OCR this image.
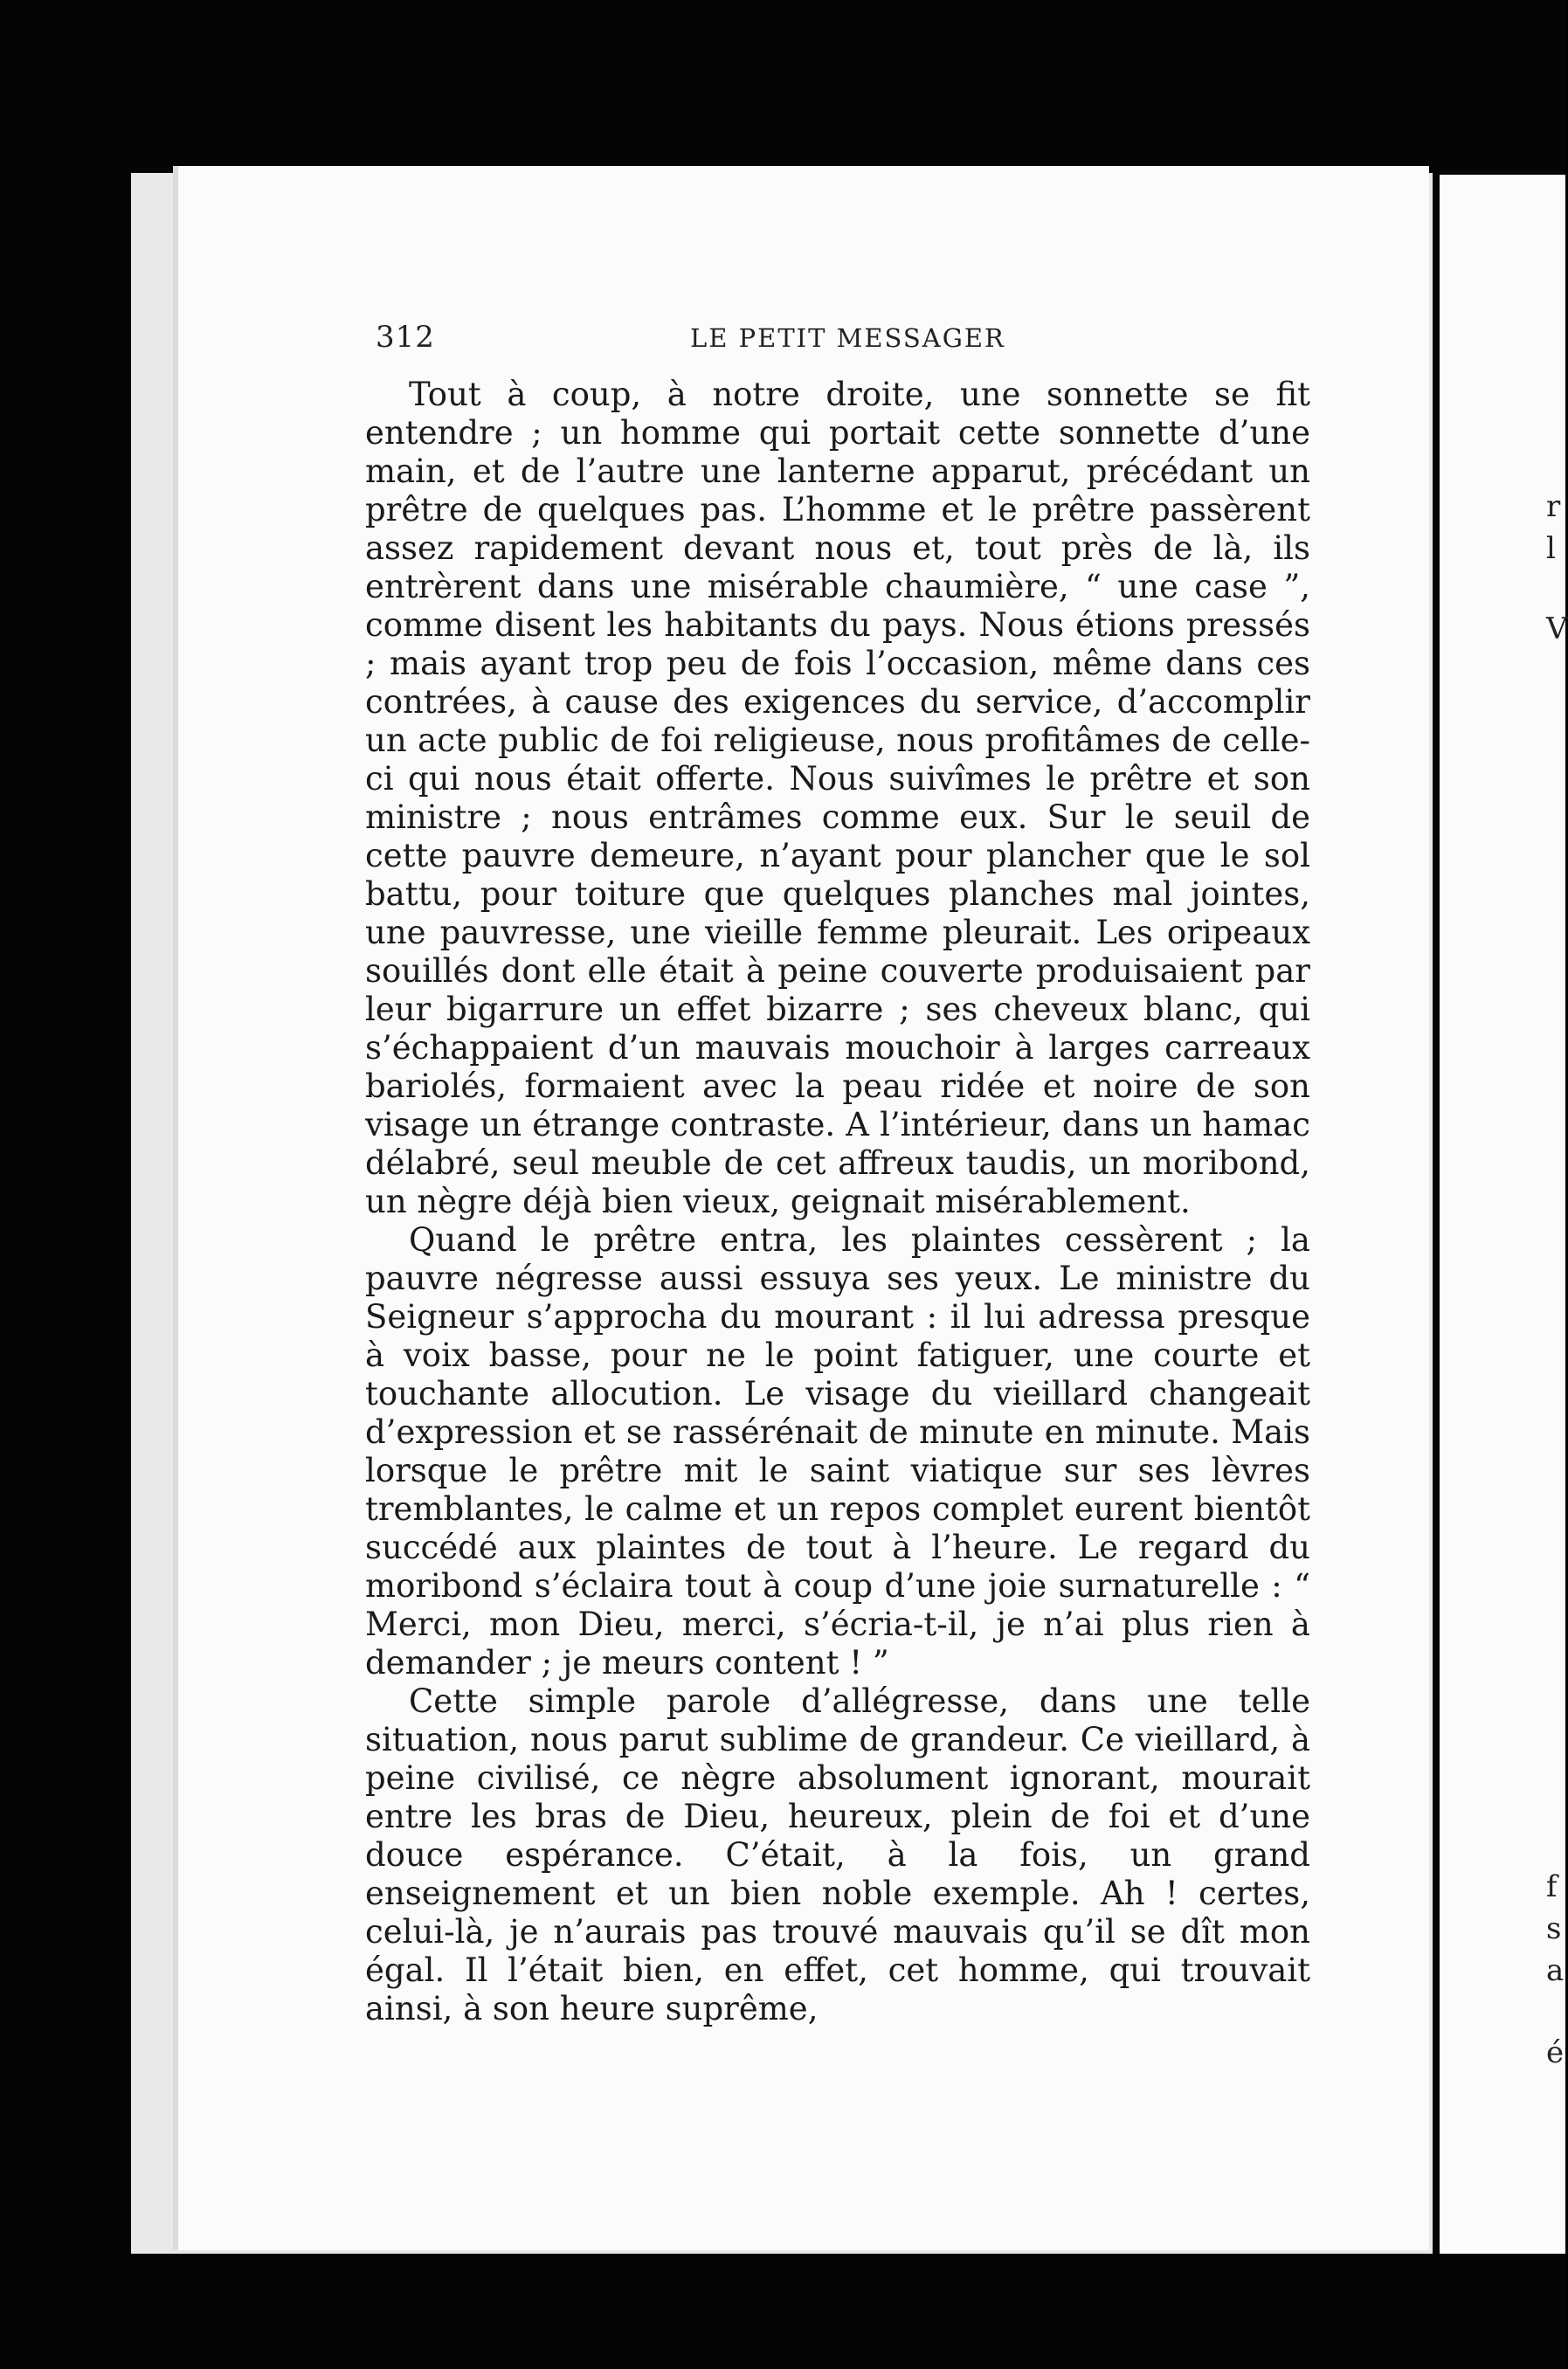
r
l
V
f
s
a
é
312	LE PETIT MESSAGER

Tout à coup, à notre droite, une sonnette se fit entendre ; un homme qui portait cette sonnette d’une main, et de l’autre une lanterne apparut, précédant un prêtre de quelques pas. L’homme et le prêtre passèrent assez rapidement devant nous et, tout près de là, ils entrèrent dans une misérable chaumière, “ une case ”, comme disent les habitants du pays. Nous étions pressés ; mais ayant trop peu de fois l’occasion, même dans ces contrées, à cause des exigences du service, d’accomplir un acte public de foi religieuse, nous profitâmes de celle-ci qui nous était offerte. Nous suivîmes le prêtre et son ministre ; nous entrâmes comme eux. Sur le seuil de cette pauvre demeure, n’ayant pour plancher que le sol battu, pour toiture que quelques planches mal jointes, une pauvresse, une vieille femme pleurait. Les oripeaux souillés dont elle était à peine couverte produisaient par leur bigarrure un effet bizarre ; ses cheveux blanc, qui s’échappaient d’un mauvais mouchoir à larges carreaux bariolés, formaient avec la peau ridée et noire de son visage un étrange contraste. A l’intérieur, dans un hamac délabré, seul meuble de cet affreux taudis, un moribond, un nègre déjà bien vieux, geignait misérablement.

Quand le prêtre entra, les plaintes cessèrent ; la pauvre négresse aussi essuya ses yeux. Le ministre du Seigneur s’approcha du mourant : il lui adressa presque à voix basse, pour ne le point fatiguer, une courte et touchante allocution. Le visage du vieillard changeait d’expression et se rassérénait de minute en minute. Mais lorsque le prêtre mit le saint viatique sur ses lèvres tremblantes, le calme et un repos complet eurent bientôt succédé aux plaintes de tout à l’heure. Le regard du moribond s’éclaira tout à coup d’une joie surnaturelle : “ Merci, mon Dieu, merci, s’écria-t-il, je n’ai plus rien à demander ; je meurs content ! ”

Cette simple parole d’allégresse, dans une telle situation, nous parut sublime de grandeur. Ce vieillard, à peine civilisé, ce nègre absolument ignorant, mourait entre les bras de Dieu, heureux, plein de foi et d’une douce espérance. C’était, à la fois, un grand enseignement et un bien noble exemple. Ah ! certes, celui-là, je n’aurais pas trouvé mauvais qu’il se dît mon égal. Il l’était bien, en effet, cet homme, qui trouvait ainsi, à son heure suprême,
